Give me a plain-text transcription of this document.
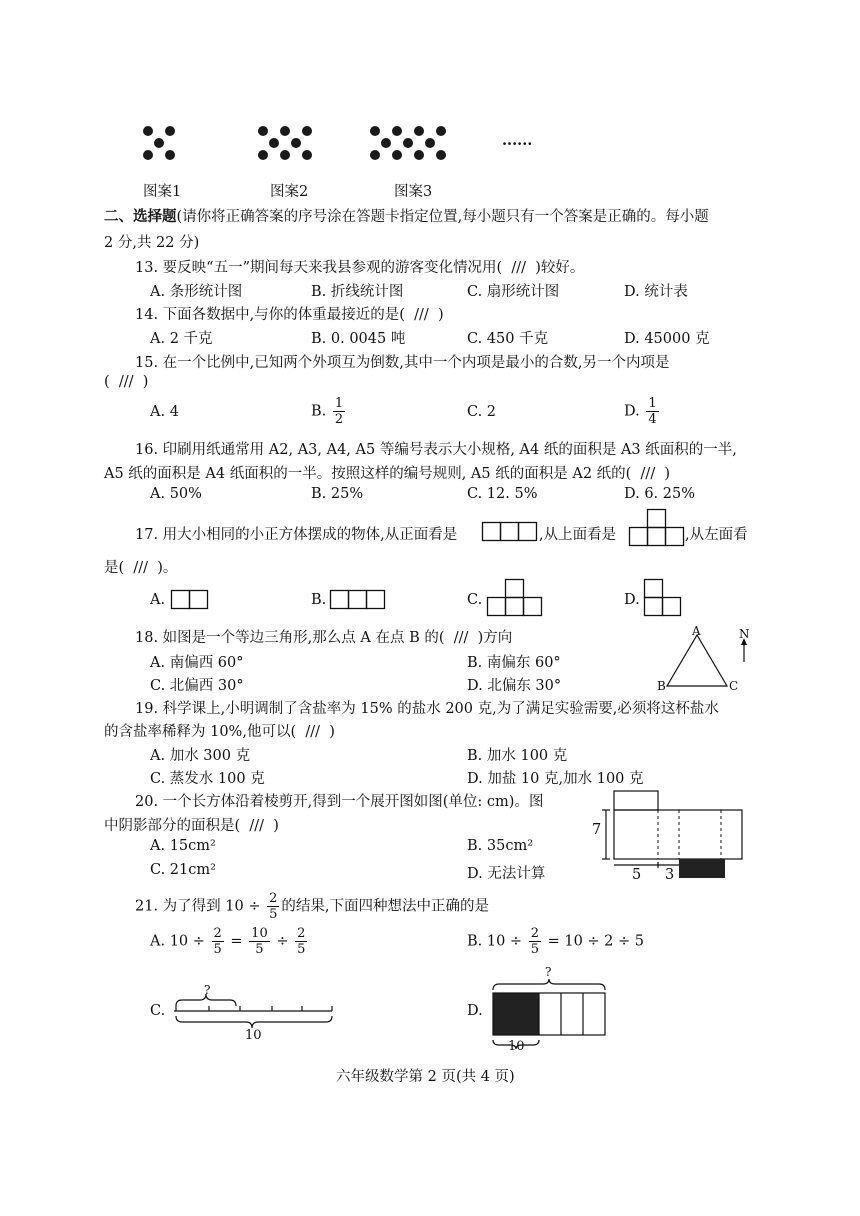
......
图案1	图案2	图案3
二、选择题(请你将正确答案的序号涂在答题卡指定位置,每小题只有一个答案是正确的。每小题
2 分,共 22 分)
13. 要反映“五一”期间每天来我县参观的游客变化情况用( /// )较好。
A. 条形统计图	B. 折线统计图	C. 扇形统计图	D. 统计表
14. 下面各数据中,与你的体重最接近的是( /// )
A. 2 千克	B. 0. 0045 吨	C. 450 千克	D. 45000 克
15. 在一个比例中,已知两个外项互为倒数,其中一个内项是最小的合数,另一个内项是
( /// )
A. 4	B. $\frac{1}{2}$	C. 2	D. $\frac{1}{4}$
16. 印刷用纸通常用 A2, A3, A4, A5 等编号表示大小规格, A4 纸的面积是 A3 纸面积的一半,
A5 纸的面积是 A4 纸面积的一半。按照这样的编号规则, A5 纸的面积是 A2 纸的( /// )
A. 50%	B. 25%	C. 12. 5%	D. 6. 25%
17. 用大小相同的小正方体摆成的物体,从正面看是	,从上面看是	,从左面看
是( /// )。
A.	B.	C.	D.
18. 如图是一个等边三角形,那么点 A 在点 B 的( /// )方向
A. 南偏西 60°	B. 南偏东 60°
C. 北偏西 30°	D. 北偏东 30°
A
B	C
N
19. 科学课上,小明调制了含盐率为 15% 的盐水 200 克,为了满足实验需要,必须将这杯盐水
的含盐率稀释为 10%,他可以( /// )
A. 加水 300 克	B. 加水 100 克
C. 蒸发水 100 克	D. 加盐 10 克,加水 100 克
20. 一个长方体沿着棱剪开,得到一个展开图如图(单位: cm)。图
中阴影部分的面积是( /// )
A. 15cm²	B. 35cm²
C. 21cm²	D. 无法计算
7
5 3
21. 为了得到 $10 \div \frac{2}{5}$ 的结果,下面四种想法中正确的是
A. $10 \div \frac{2}{5} = \frac{10}{5} \div \frac{2}{5}$	B. $10 \div \frac{2}{5} = 10 \div 2 \div 5$
C.
?
10
D.
?
10
六年级数学第 2 页(共 4 页)
